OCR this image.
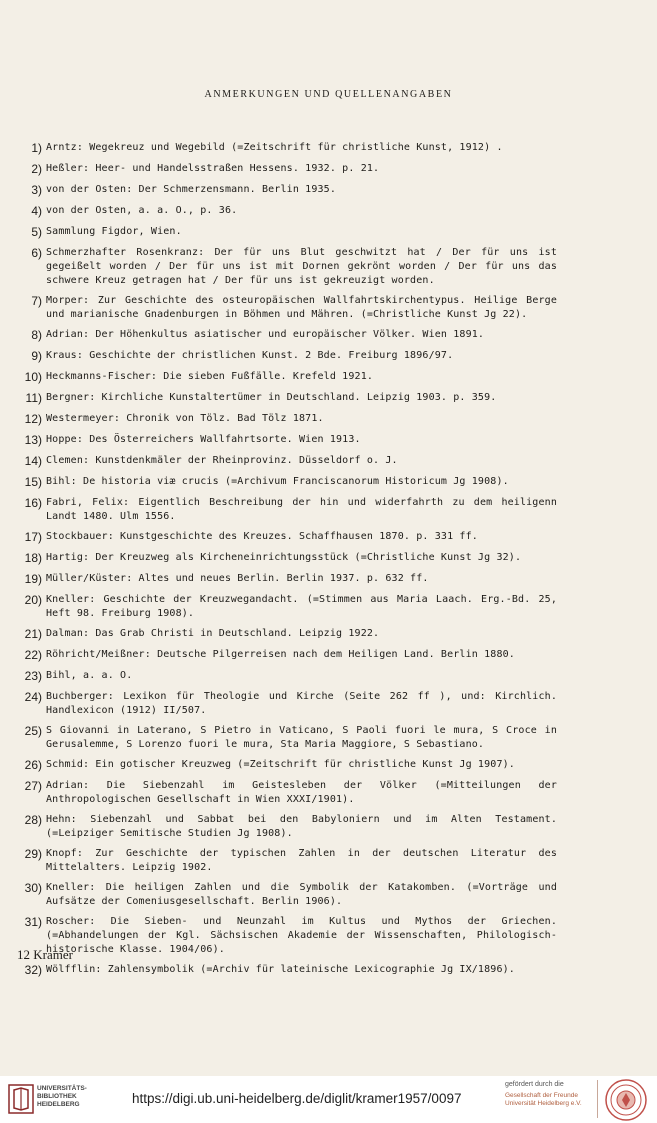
ANMERKUNGEN UND QUELLENANGABEN
1) Arntz: Wegekreuz und Wegebild (=Zeitschrift für christliche Kunst, 1912) .
2) Heßler: Heer- und Handelsstraßen Hessens. 1932. p. 21.
3) von der Osten: Der Schmerzensmann. Berlin 1935.
4) von der Osten, a. a. O., p. 36.
5) Sammlung Figdor, Wien.
6) Schmerzhafter Rosenkranz: Der für uns Blut geschwitzt hat / Der für uns ist gegeißelt worden / Der für uns ist mit Dornen gekrönt worden / Der für uns das schwere Kreuz getragen hat / Der für uns ist gekreuzigt worden.
7) Morper: Zur Geschichte des osteuropäischen Wallfahrtskirchentypus. Heilige Berge und marianische Gnadenburgen in Böhmen und Mähren. (=Christliche Kunst Jg 22).
8) Adrian: Der Höhenkultus asiatischer und europäischer Völker. Wien 1891.
9) Kraus: Geschichte der christlichen Kunst. 2 Bde. Freiburg 1896/97.
10) Heckmanns-Fischer: Die sieben Fußfälle. Krefeld 1921.
11) Bergner: Kirchliche Kunstaltertümer in Deutschland. Leipzig 1903. p. 359.
12) Westermeyer: Chronik von Tölz. Bad Tölz 1871.
13) Hoppe: Des Österreichers Wallfahrtsorte. Wien 1913.
14) Clemen: Kunstdenkmäler der Rheinprovinz. Düsseldorf o. J.
15) Bihl: De historia viæ crucis (=Archivum Franciscanorum Historicum Jg 1908).
16) Fabri, Felix: Eigentlich Beschreibung der hin und widerfahrth zu dem heiligenn Landt 1480. Ulm 1556.
17) Stockbauer: Kunstgeschichte des Kreuzes. Schaffhausen 1870. p. 331 ff.
18) Hartig: Der Kreuzweg als Kircheneinrichtungsstück (=Christliche Kunst Jg 32).
19) Müller/Küster: Altes und neues Berlin. Berlin 1937. p. 632 ff.
20) Kneller: Geschichte der Kreuzwegandacht. (=Stimmen aus Maria Laach. Erg.-Bd. 25, Heft 98. Freiburg 1908).
21) Dalman: Das Grab Christi in Deutschland. Leipzig 1922.
22) Röhricht/Meißner: Deutsche Pilgerreisen nach dem Heiligen Land. Berlin 1880.
23) Bihl, a. a. O.
24) Buchberger: Lexikon für Theologie und Kirche (Seite 262 ff ), und: Kirchlich. Handlexicon (1912) II/507.
25) S Giovanni in Laterano, S Pietro in Vaticano, S Paoli fuori le mura, S Croce in Gerusalemme, S Lorenzo fuori le mura, Sta Maria Maggiore, S Sebastiano.
26) Schmid: Ein gotischer Kreuzweg (=Zeitschrift für christliche Kunst Jg 1907).
27) Adrian: Die Siebenzahl im Geistesleben der Völker (=Mitteilungen der Anthropologischen Gesellschaft in Wien XXXI/1901).
28) Hehn: Siebenzahl und Sabbat bei den Babyloniern und im Alten Testament. (=Leipziger Semitische Studien Jg 1908).
29) Knopf: Zur Geschichte der typischen Zahlen in der deutschen Literatur des Mittelalters. Leipzig 1902.
30) Kneller: Die heiligen Zahlen und die Symbolik der Katakomben. (=Vorträge und Aufsätze der Comeniusgesellschaft. Berlin 1906).
31) Roscher: Die Sieben- und Neunzahl im Kultus und Mythos der Griechen. (=Abhandelungen der Kgl. Sächsischen Akademie der Wissenschaften, Philologisch-historische Klasse. 1904/06).
32) Wölfflin: Zahlensymbolik (=Archiv für lateinische Lexicographie Jg IX/1896).
12 Kramer
UNIVERSITÄTS-
BIBLIOTHEK
HEIDELBERG	https://digi.ub.uni-heidelberg.de/diglit/kramer1957/0097
gefördert durch die
Gesellschaft der Freunde
Universität Heidelberg e.V.
